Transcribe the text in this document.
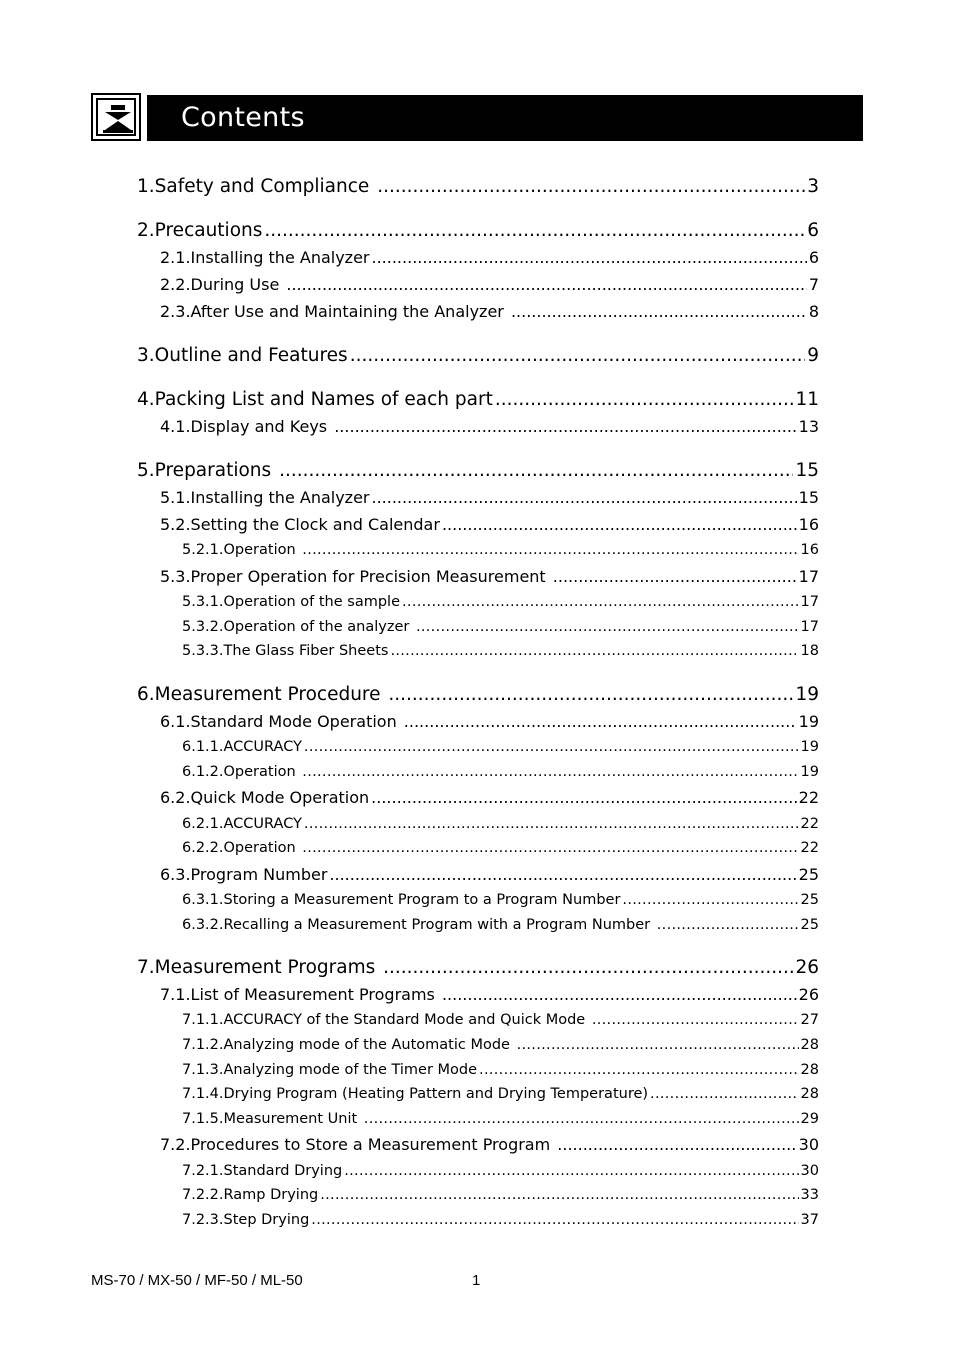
Contents
1. Safety and Compliance .....	3
2. Precautions .....	6
2.1. Installing the Analyzer .....	6
2.2. During Use .....	7
2.3. After Use and Maintaining the Analyzer .....	8
3. Outline and Features .....	9
4. Packing List and Names of each part .....	11
4.1. Display and Keys .....	13
5. Preparations .....	15
5.1. Installing the Analyzer .....	15
5.2. Setting the Clock and Calendar .....	16
5.2.1. Operation .....	16
5.3. Proper Operation for Precision Measurement .....	17
5.3.1. Operation of the sample .....	17
5.3.2. Operation of the analyzer .....	17
5.3.3. The Glass Fiber Sheets .....	18
6. Measurement Procedure .....	19
6.1. Standard Mode Operation .....	19
6.1.1. ACCURACY .....	19
6.1.2. Operation .....	19
6.2. Quick Mode Operation .....	22
6.2.1. ACCURACY .....	22
6.2.2. Operation .....	22
6.3. Program Number .....	25
6.3.1. Storing a Measurement Program to a Program Number .....	25
6.3.2. Recalling a Measurement Program with a Program Number .....	25
7. Measurement Programs .....	26
7.1. List of Measurement Programs .....	26
7.1.1. ACCURACY of the Standard Mode and Quick Mode .....	27
7.1.2. Analyzing mode of the Automatic Mode .....	28
7.1.3. Analyzing mode of the Timer Mode .....	28
7.1.4. Drying Program (Heating Pattern and Drying Temperature) .....	28
7.1.5. Measurement Unit .....	29
7.2. Procedures to Store a Measurement Program .....	30
7.2.1. Standard Drying .....	30
7.2.2. Ramp Drying .....	33
7.2.3. Step Drying .....	37
MS-70 / MX-50 / MF-50 / ML-50	1
